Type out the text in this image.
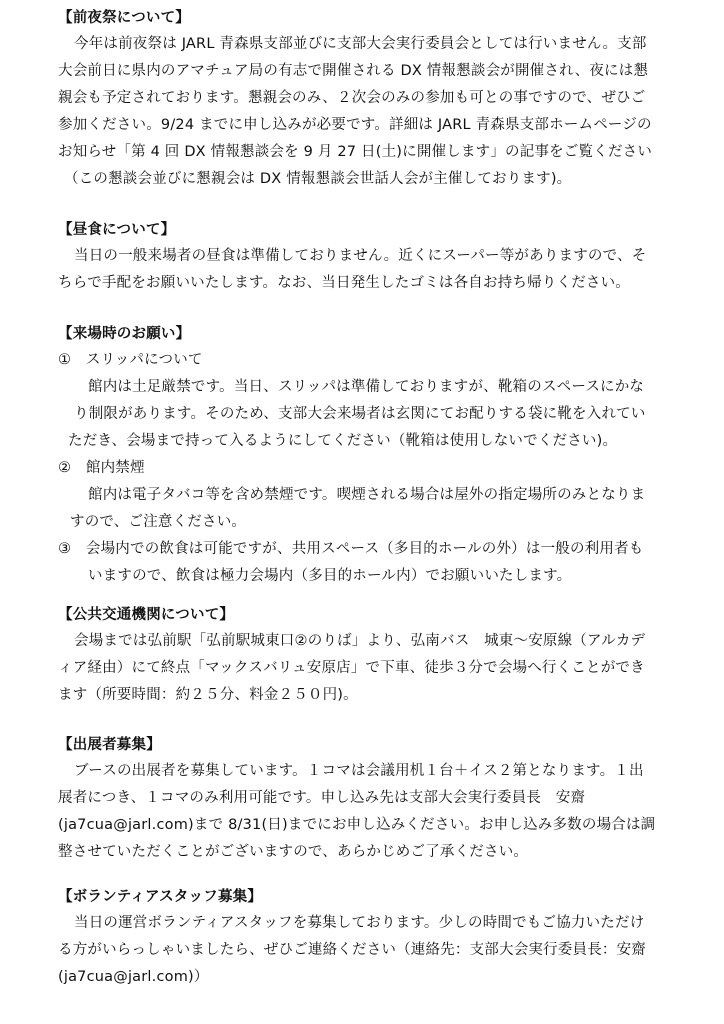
【前夜祭について】
今年は前夜祭は JARL 青森県支部並びに支部大会実行委員会としては行いません。支部
大会前日に県内のアマチュア局の有志で開催される DX 情報懇談会が開催され、夜には懇
親会も予定されております。懇親会のみ、２次会のみの参加も可との事ですので、ぜひご
参加ください。9/24 までに申し込みが必要です。詳細は JARL 青森県支部ホームページの
お知らせ「第 4 回 DX 情報懇談会を 9 月 27 日(土)に開催します」の記事をご覧ください
（この懇談会並びに懇親会は DX 情報懇談会世話人会が主催しております)。
【昼食について】
当日の一般来場者の昼食は準備しておりません。近くにスーパー等がありますので、そ
ちらで手配をお願いいたします。なお、当日発生したゴミは各自お持ち帰りください。
【来場時のお願い】
①　スリッパについて
館内は土足厳禁です。当日、スリッパは準備しておりますが、靴箱のスペースにかな
り制限があります。そのため、支部大会来場者は玄関にてお配りする袋に靴を入れてい
ただき、会場まで持って入るようにしてください（靴箱は使用しないでください)。
②　館内禁煙
館内は電子タバコ等を含め禁煙です。喫煙される場合は屋外の指定場所のみとなりま
すので、ご注意ください。
③　会場内での飲食は可能ですが、共用スペース（多目的ホールの外）は一般の利用者も
いますので、飲食は極力会場内（多目的ホール内）でお願いいたします。
【公共交通機関について】
会場までは弘前駅「弘前駅城東口②のりば」より、弘南バス　城東～安原線（アルカデ
ィア経由）にて終点「マックスバリュ安原店」で下車、徒歩３分で会場へ行くことができ
ます（所要時間：約２５分、料金２５０円)。
【出展者募集】
ブースの出展者を募集しています。１コマは会議用机１台＋イス２第となります。１出
展者につき、１コマのみ利用可能です。申し込み先は支部大会実行委員長　安齋
(ja7cua@jarl.com)まで 8/31(日)までにお申し込みください。お申し込み多数の場合は調
整させていただくことがございますので、あらかじめご了承ください。
【ボランティアスタッフ募集】
当日の運営ボランティアスタッフを募集しております。少しの時間でもご協力いただけ
る方がいらっしゃいましたら、ぜひご連絡ください（連絡先：支部大会実行委員長：安齋
(ja7cua@jarl.com)）
